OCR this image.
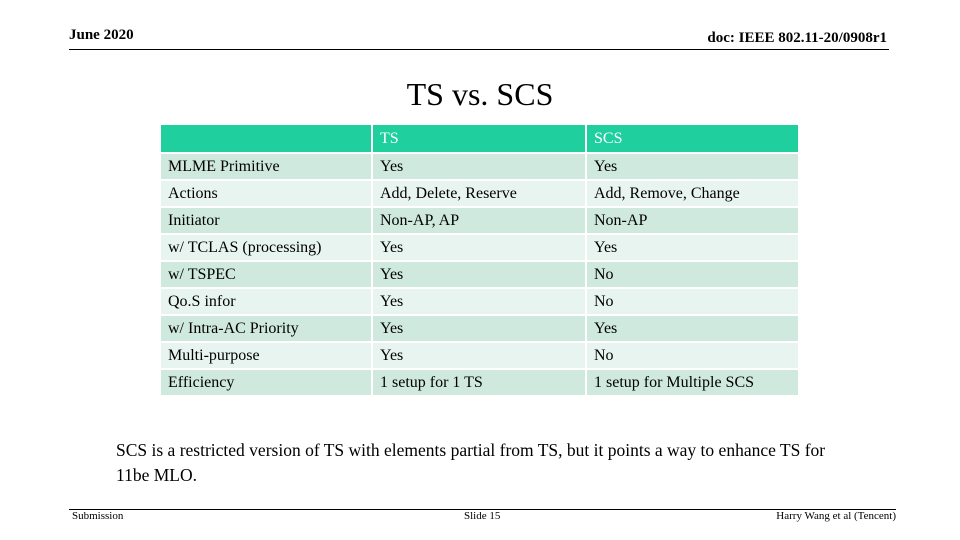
June 2020	doc: IEEE 802.11-20/0908r1
TS vs. SCS
	TS	SCS
MLME Primitive	Yes	Yes
Actions	Add, Delete, Reserve	Add, Remove, Change
Initiator	Non-AP, AP	Non-AP
w/ TCLAS (processing)	Yes	Yes
w/ TSPEC	Yes	No
Qo.S infor	Yes	No
w/ Intra-AC Priority	Yes	Yes
Multi-purpose	Yes	No
Efficiency	1 setup for 1 TS	1 setup for Multiple SCS
SCS is a restricted version of TS with elements partial from TS, but it points a way to enhance TS for 11be MLO.
Submission	Slide 15	Harry Wang et al (Tencent)
